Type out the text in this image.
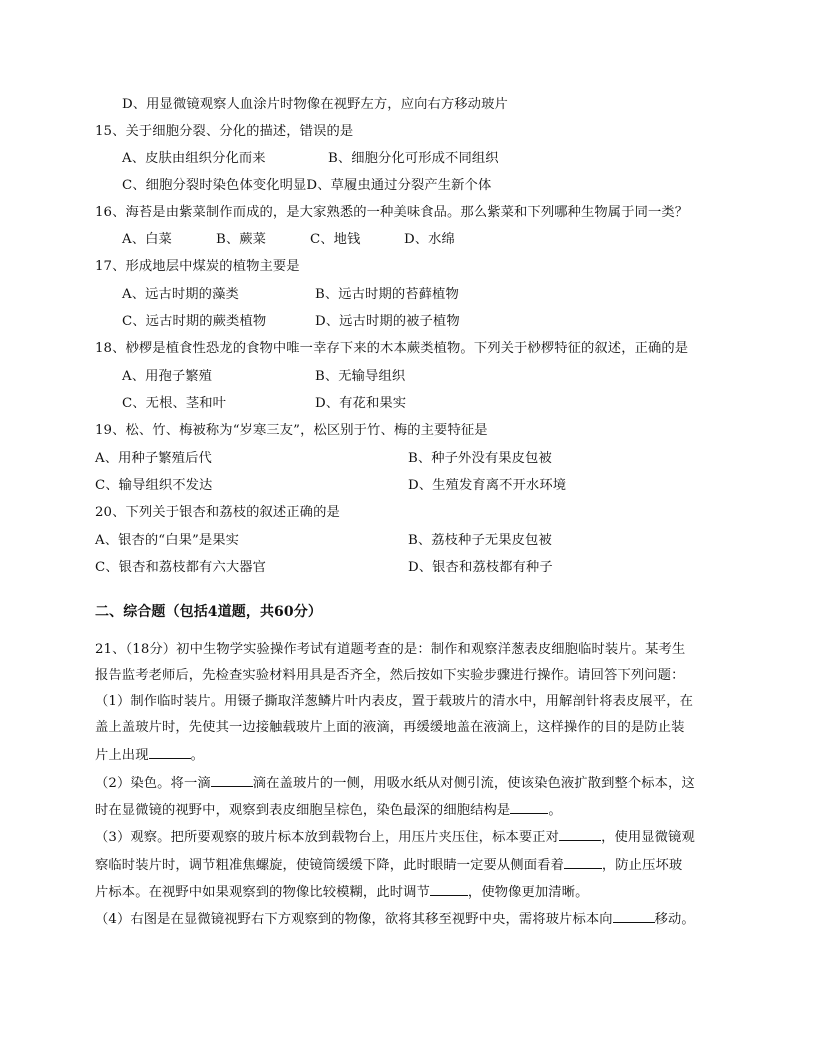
D、用显微镜观察人血涂片时物像在视野左方，应向右方移动玻片
15、关于细胞分裂、分化的描述，错误的是
A、皮肤由组织分化而来	B、细胞分化可形成不同组织
C、细胞分裂时染色体变化明显D、草履虫通过分裂产生新个体
16、海苔是由紫菜制作而成的，是大家熟悉的一种美味食品。那么紫菜和下列哪种生物属于同一类？
A、白菜	B、蕨菜	C、地钱	D、水绵
17、形成地层中煤炭的植物主要是
A、远古时期的藻类	B、远古时期的苔藓植物
C、远古时期的蕨类植物	D、远古时期的被子植物
18、桫椤是植食性恐龙的食物中唯一幸存下来的木本蕨类植物。下列关于桫椤特征的叙述，正确的是
A、用孢子繁殖	B、无输导组织
C、无根、茎和叶	D、有花和果实
19、松、竹、梅被称为“岁寒三友”，松区别于竹、梅的主要特征是
A、用种子繁殖后代	B、种子外没有果皮包被
C、输导组织不发达	D、生殖发育离不开水环境
20、下列关于银杏和荔枝的叙述正确的是
A、银杏的“白果”是果实	B、荔枝种子无果皮包被
C、银杏和荔枝都有六大器官	D、银杏和荔枝都有种子
二、综合题（包括4道题，共60分）
21、（18分）初中生物学实验操作考试有道题考查的是：制作和观察洋葱表皮细胞临时装片。某考生
报告监考老师后，先检查实验材料用具是否齐全，然后按如下实验步骤进行操作。请回答下列问题：
（1）制作临时装片。用镊子撕取洋葱鳞片叶内表皮，置于载玻片的清水中，用解剖针将表皮展平，在
盖上盖玻片时，先使其一边接触载玻片上面的液滴，再缓缓地盖在液滴上，这样操作的目的是防止装
片上出现	。
（2）染色。将一滴	滴在盖玻片的一侧，用吸水纸从对侧引流，使该染色液扩散到整个标本，这
时在显微镜的视野中，观察到表皮细胞呈棕色，染色最深的细胞结构是	。
（3）观察。把所要观察的玻片标本放到载物台上，用压片夹压住，标本要正对	，使用显微镜观
察临时装片时，调节粗准焦螺旋，使镜筒缓缓下降，此时眼睛一定要从侧面看着	，防止压坏玻
片标本。在视野中如果观察到的物像比较模糊，此时调节	，使物像更加清晰。
（4）右图是在显微镜视野右下方观察到的物像，欲将其移至视野中央，需将玻片标本向	移动。
